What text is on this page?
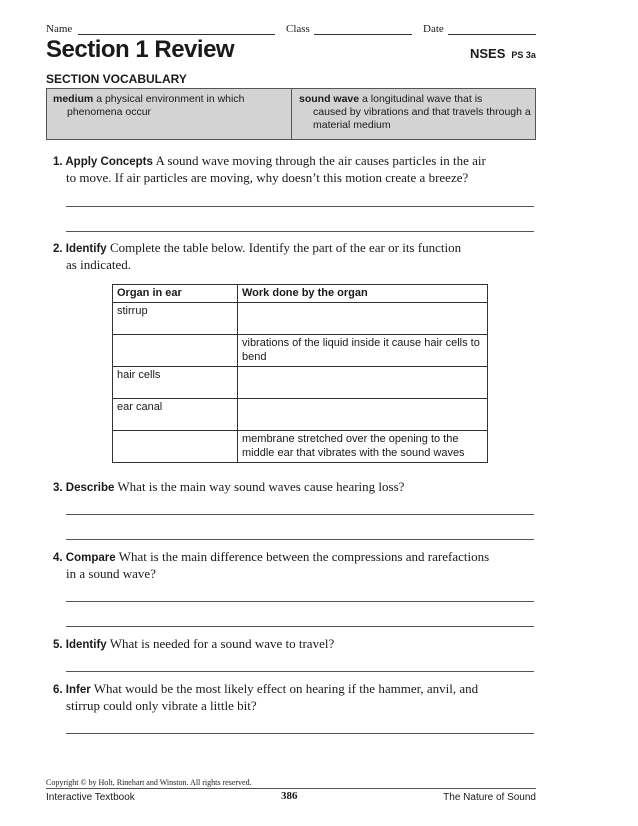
Name	Class	Date
Section 1 Review	NSES PS 3a
SECTION VOCABULARY
medium a physical environment in which
phenomena occur
sound wave a longitudinal wave that is
caused by vibrations and that travels through a material medium
1. Apply Concepts A sound wave moving through the air causes particles in the air
to move. If air particles are moving, why doesn’t this motion create a breeze?
2. Identify Complete the table below. Identify the part of the ear or its function
as indicated.
Organ in ear	Work done by the organ
stirrup	
	vibrations of the liquid inside it cause hair cells to bend
hair cells	
ear canal	
	membrane stretched over the opening to the middle ear that vibrates with the sound waves
3. Describe What is the main way sound waves cause hearing loss?
4. Compare What is the main difference between the compressions and rarefactions
in a sound wave?
5. Identify What is needed for a sound wave to travel?
6. Infer What would be the most likely effect on hearing if the hammer, anvil, and
stirrup could only vibrate a little bit?
Copyright © by Holt, Rinehart and Winston. All rights reserved.
Interactive Textbook	386	The Nature of Sound
